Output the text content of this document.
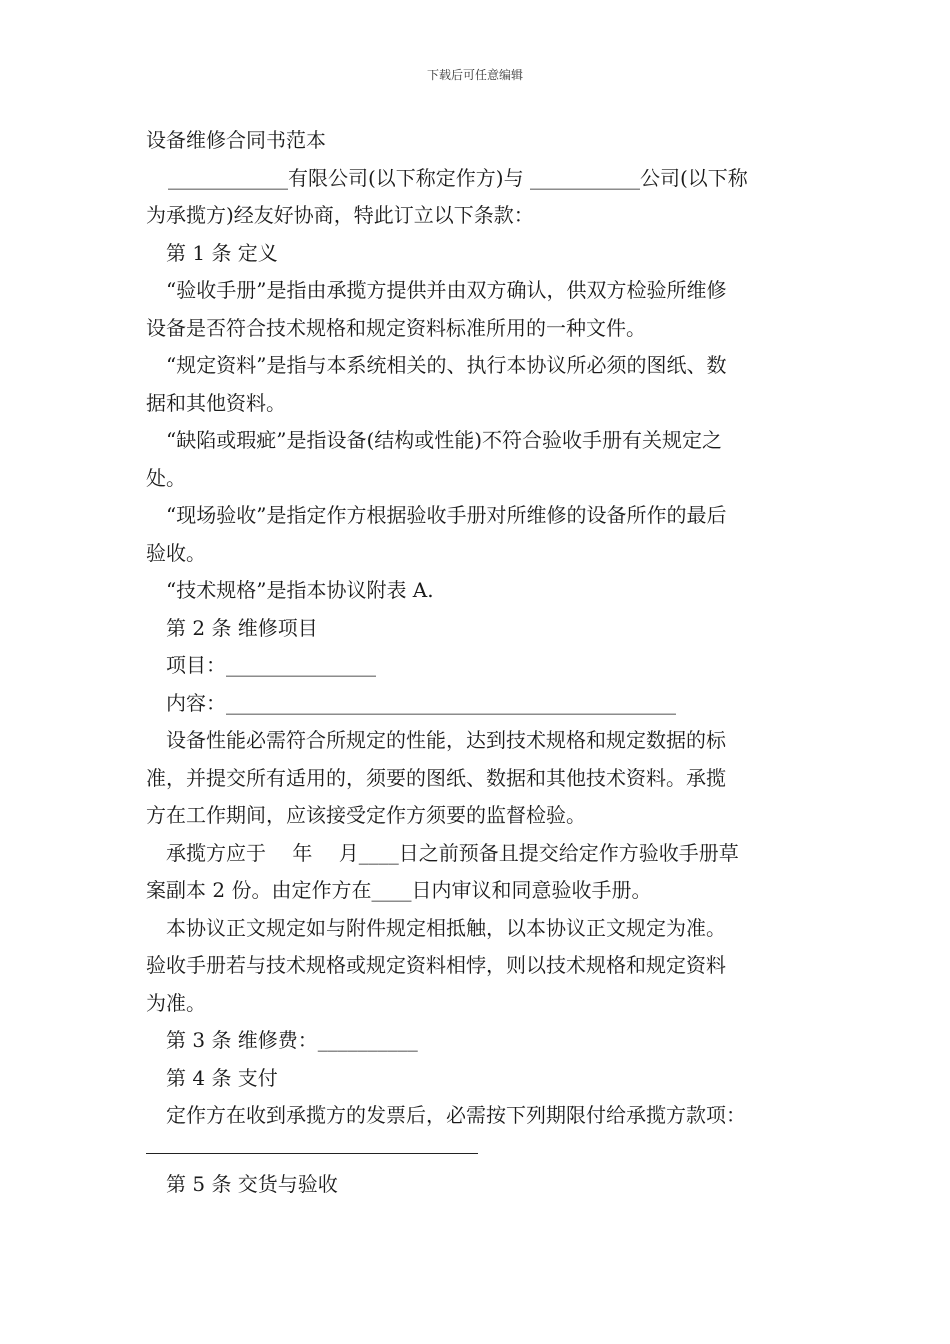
下载后可任意编辑

设备维修合同书范本

____________有限公司(以下称定作方)与 ___________公司(以下称

为承揽方)经友好协商，特此订立以下条款：

第 1 条 定义

“验收手册”是指由承揽方提供并由双方确认，供双方检验所维修

设备是否符合技术规格和规定资料标准所用的一种文件。

“规定资料”是指与本系统相关的、执行本协议所必须的图纸、数

据和其他资料。

“缺陷或瑕疵”是指设备(结构或性能)不符合验收手册有关规定之

处。

“现场验收”是指定作方根据验收手册对所维修的设备所作的最后

验收。

“技术规格”是指本协议附表 A.

第 2 条 维修项目

项目：_______________

内容：_____________________________________________

设备性能必需符合所规定的性能，达到技术规格和规定数据的标

准，并提交所有适用的，须要的图纸、数据和其他技术资料。承揽

方在工作期间，应该接受定作方须要的监督检验。

承揽方应于　 年　 月____日之前预备且提交给定作方验收手册草

案副本 2 份。由定作方在____日内审议和同意验收手册。

本协议正文规定如与附件规定相抵触，以本协议正文规定为准。

验收手册若与技术规格或规定资料相悖，则以技术规格和规定资料

为准。

第 3 条 维修费：__________

第 4 条 支付

定作方在收到承揽方的发票后，必需按下列期限付给承揽方款项：

第 5 条 交货与验收
